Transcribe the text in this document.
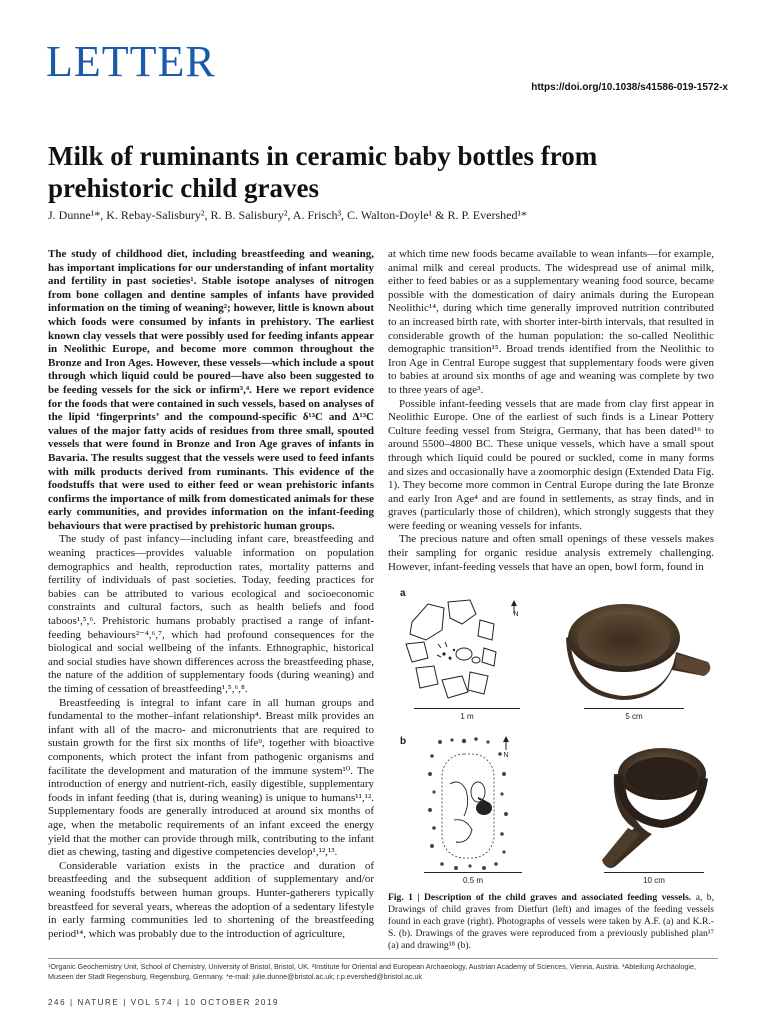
LETTER
https://doi.org/10.1038/s41586-019-1572-x
Milk of ruminants in ceramic baby bottles from prehistoric child graves
J. Dunne¹*, K. Rebay-Salisbury², R. B. Salisbury², A. Frisch³, C. Walton-Doyle¹ & R. P. Evershed¹*

The study of childhood diet, including breastfeeding and weaning, has important implications for our understanding of infant mortality and fertility in past societies¹. Stable isotope analyses of nitrogen from bone collagen and dentine samples of infants have provided information on the timing of weaning²; however, little is known about which foods were consumed by infants in prehistory. The earliest known clay vessels that were possibly used for feeding infants appear in Neolithic Europe, and become more common throughout the Bronze and Iron Ages. However, these vessels—which include a spout through which liquid could be poured—have also been suggested to be feeding vessels for the sick or infirm³,⁴. Here we report evidence for the foods that were contained in such vessels, based on analyses of the lipid ‘fingerprints’ and the compound-specific δ¹³C and Δ¹³C values of the major fatty acids of residues from three small, spouted vessels that were found in Bronze and Iron Age graves of infants in Bavaria. The results suggest that the vessels were used to feed infants with milk products derived from ruminants. This evidence of the foodstuffs that were used to either feed or wean prehistoric infants confirms the importance of milk from domesticated animals for these early communities, and provides information on the infant-feeding behaviours that were practised by prehistoric human groups.

The study of past infancy—including infant care, breastfeeding and weaning practices—provides valuable information on population demographics and health, reproduction rates, mortality patterns and fertility of individuals of past societies. Today, feeding practices for babies can be attributed to various ecological and socioeconomic constraints and cultural factors, such as health beliefs and food taboos¹,⁵,⁶. Prehistoric humans probably practised a range of infant-feeding behaviours²⁻⁴,⁶,⁷, which had profound consequences for the biological and social wellbeing of the infants. Ethnographic, historical and social studies have shown differences across the breastfeeding phase, the nature of the addition of supplementary foods (during weaning) and the timing of cessation of breastfeeding¹,⁵,⁶,⁸.

Breastfeeding is integral to infant care in all human groups and fundamental to the mother–infant relationship⁴. Breast milk provides an infant with all of the macro- and micronutrients that are required to sustain growth for the first six months of life⁹, together with bioactive components, which protect the infant from pathogenic organisms and facilitate the development and maturation of the immune system¹⁰. The introduction of energy and nutrient-rich, easily digestible, supplementary foods in infant feeding (that is, during weaning) is unique to humans¹¹,¹². Supplementary foods are generally introduced at around six months of age, when the metabolic requirements of an infant exceed the energy yield that the mother can provide through milk, contributing to the infant diet as chewing, tasting and digestive competencies develop¹,¹²,¹³.

Considerable variation exists in the practice and duration of breastfeeding and the subsequent addition of supplementary and/or weaning foodstuffs between human groups. Hunter-gatherers typically breastfeed for several years, whereas the adoption of a sedentary lifestyle in early farming communities led to shortening of the breastfeeding period¹⁴, which was probably due to the introduction of agriculture,

at which time new foods became available to wean infants—for example, animal milk and cereal products. The widespread use of animal milk, either to feed babies or as a supplementary weaning food source, became possible with the domestication of dairy animals during the European Neolithic¹⁴, during which time generally improved nutrition contributed to an increased birth rate, with shorter inter-birth intervals, that resulted in considerable growth of the human population: the so-called Neolithic demographic transition¹⁵. Broad trends identified from the Neolithic to Iron Age in Central Europe suggest that supplementary foods were given to babies at around six months of age and weaning was complete by two to three years of age³.

Possible infant-feeding vessels that are made from clay first appear in Neolithic Europe. One of the earliest of such finds is a Linear Pottery Culture feeding vessel from Steigra, Germany, that has been dated¹⁶ to around 5500–4800 BC. These unique vessels, which have a small spout through which liquid could be poured or suckled, come in many forms and sizes and occasionally have a zoomorphic design (Extended Data Fig. 1). They become more common in Central Europe during the late Bronze and early Iron Age⁴ and are found in settlements, as stray finds, and in graves (particularly those of children), which strongly suggests that they were feeding or weaning vessels for infants.

The precious nature and often small openings of these vessels makes their sampling for organic residue analysis extremely challenging. However, infant-feeding vessels that have an open, bowl form, found in

a
N
1 m	5 cm
b
N
0.5 m	10 cm
Fig. 1 | Description of the child graves and associated feeding vessels. a, b, Drawings of child graves from Dietfurt (left) and images of the feeding vessels found in each grave (right). Photographs of vessels were taken by A.F. (a) and K.R.-S. (b). Drawings of the graves were reproduced from a previously published plan¹⁷ (a) and drawing¹⁸ (b).
¹Organic Geochemistry Unit, School of Chemistry, University of Bristol, Bristol, UK. ²Institute for Oriental and European Archaeology, Austrian Academy of Sciences, Vienna, Austria. ³Abteilung Archäologie, Museen der Stadt Regensburg, Regensburg, Germany. *e-mail: julie.dunne@bristol.ac.uk; r.p.evershed@bristol.ac.uk
246 | NATURE | VOL 574 | 10 OCTOBER 2019
